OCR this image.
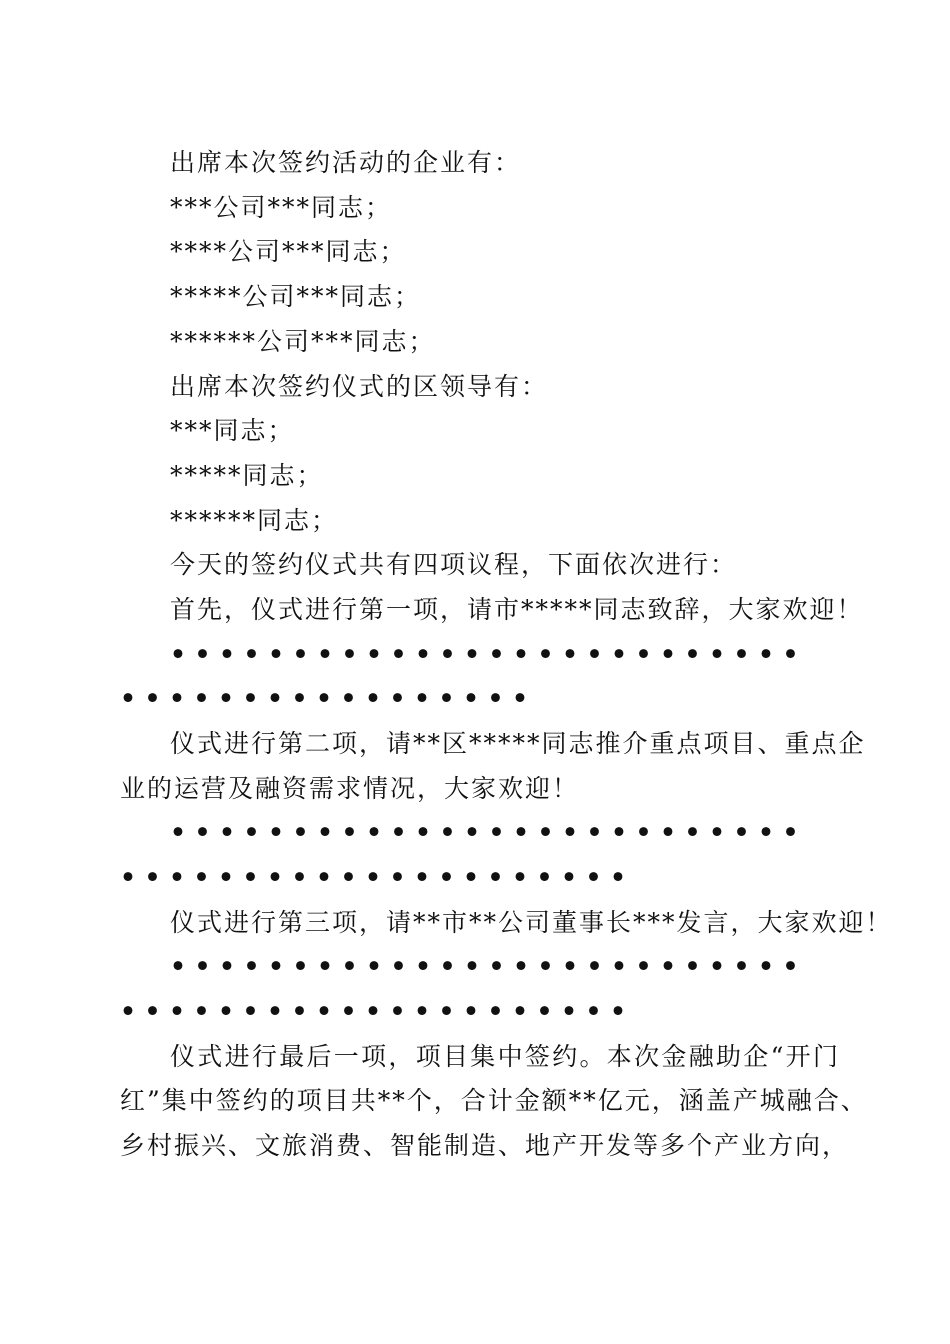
出席本次签约活动的企业有：
***公司***同志；
****公司***同志；
*****公司***同志；
******公司***同志；
出席本次签约仪式的区领导有：
***同志；
*****同志；
******同志；
今天的签约仪式共有四项议程，下面依次进行：
首先，仪式进行第一项，请市*****同志致辞，大家欢迎！
• • • • • • • • • • • • • • • • • • • • • • • • • •
• • • • • • • • • • • • • • • • •
仪式进行第二项，请**区*****同志推介重点项目、重点企
业的运营及融资需求情况，大家欢迎！
• • • • • • • • • • • • • • • • • • • • • • • • • •
• • • • • • • • • • • • • • • • • • • • •
仪式进行第三项，请**市**公司董事长***发言，大家欢迎！
• • • • • • • • • • • • • • • • • • • • • • • • • •
• • • • • • • • • • • • • • • • • • • • •
仪式进行最后一项，项目集中签约。本次金融助企“开门
红”集中签约的项目共**个，合计金额**亿元，涵盖产城融合、
乡村振兴、文旅消费、智能制造、地产开发等多个产业方向，
